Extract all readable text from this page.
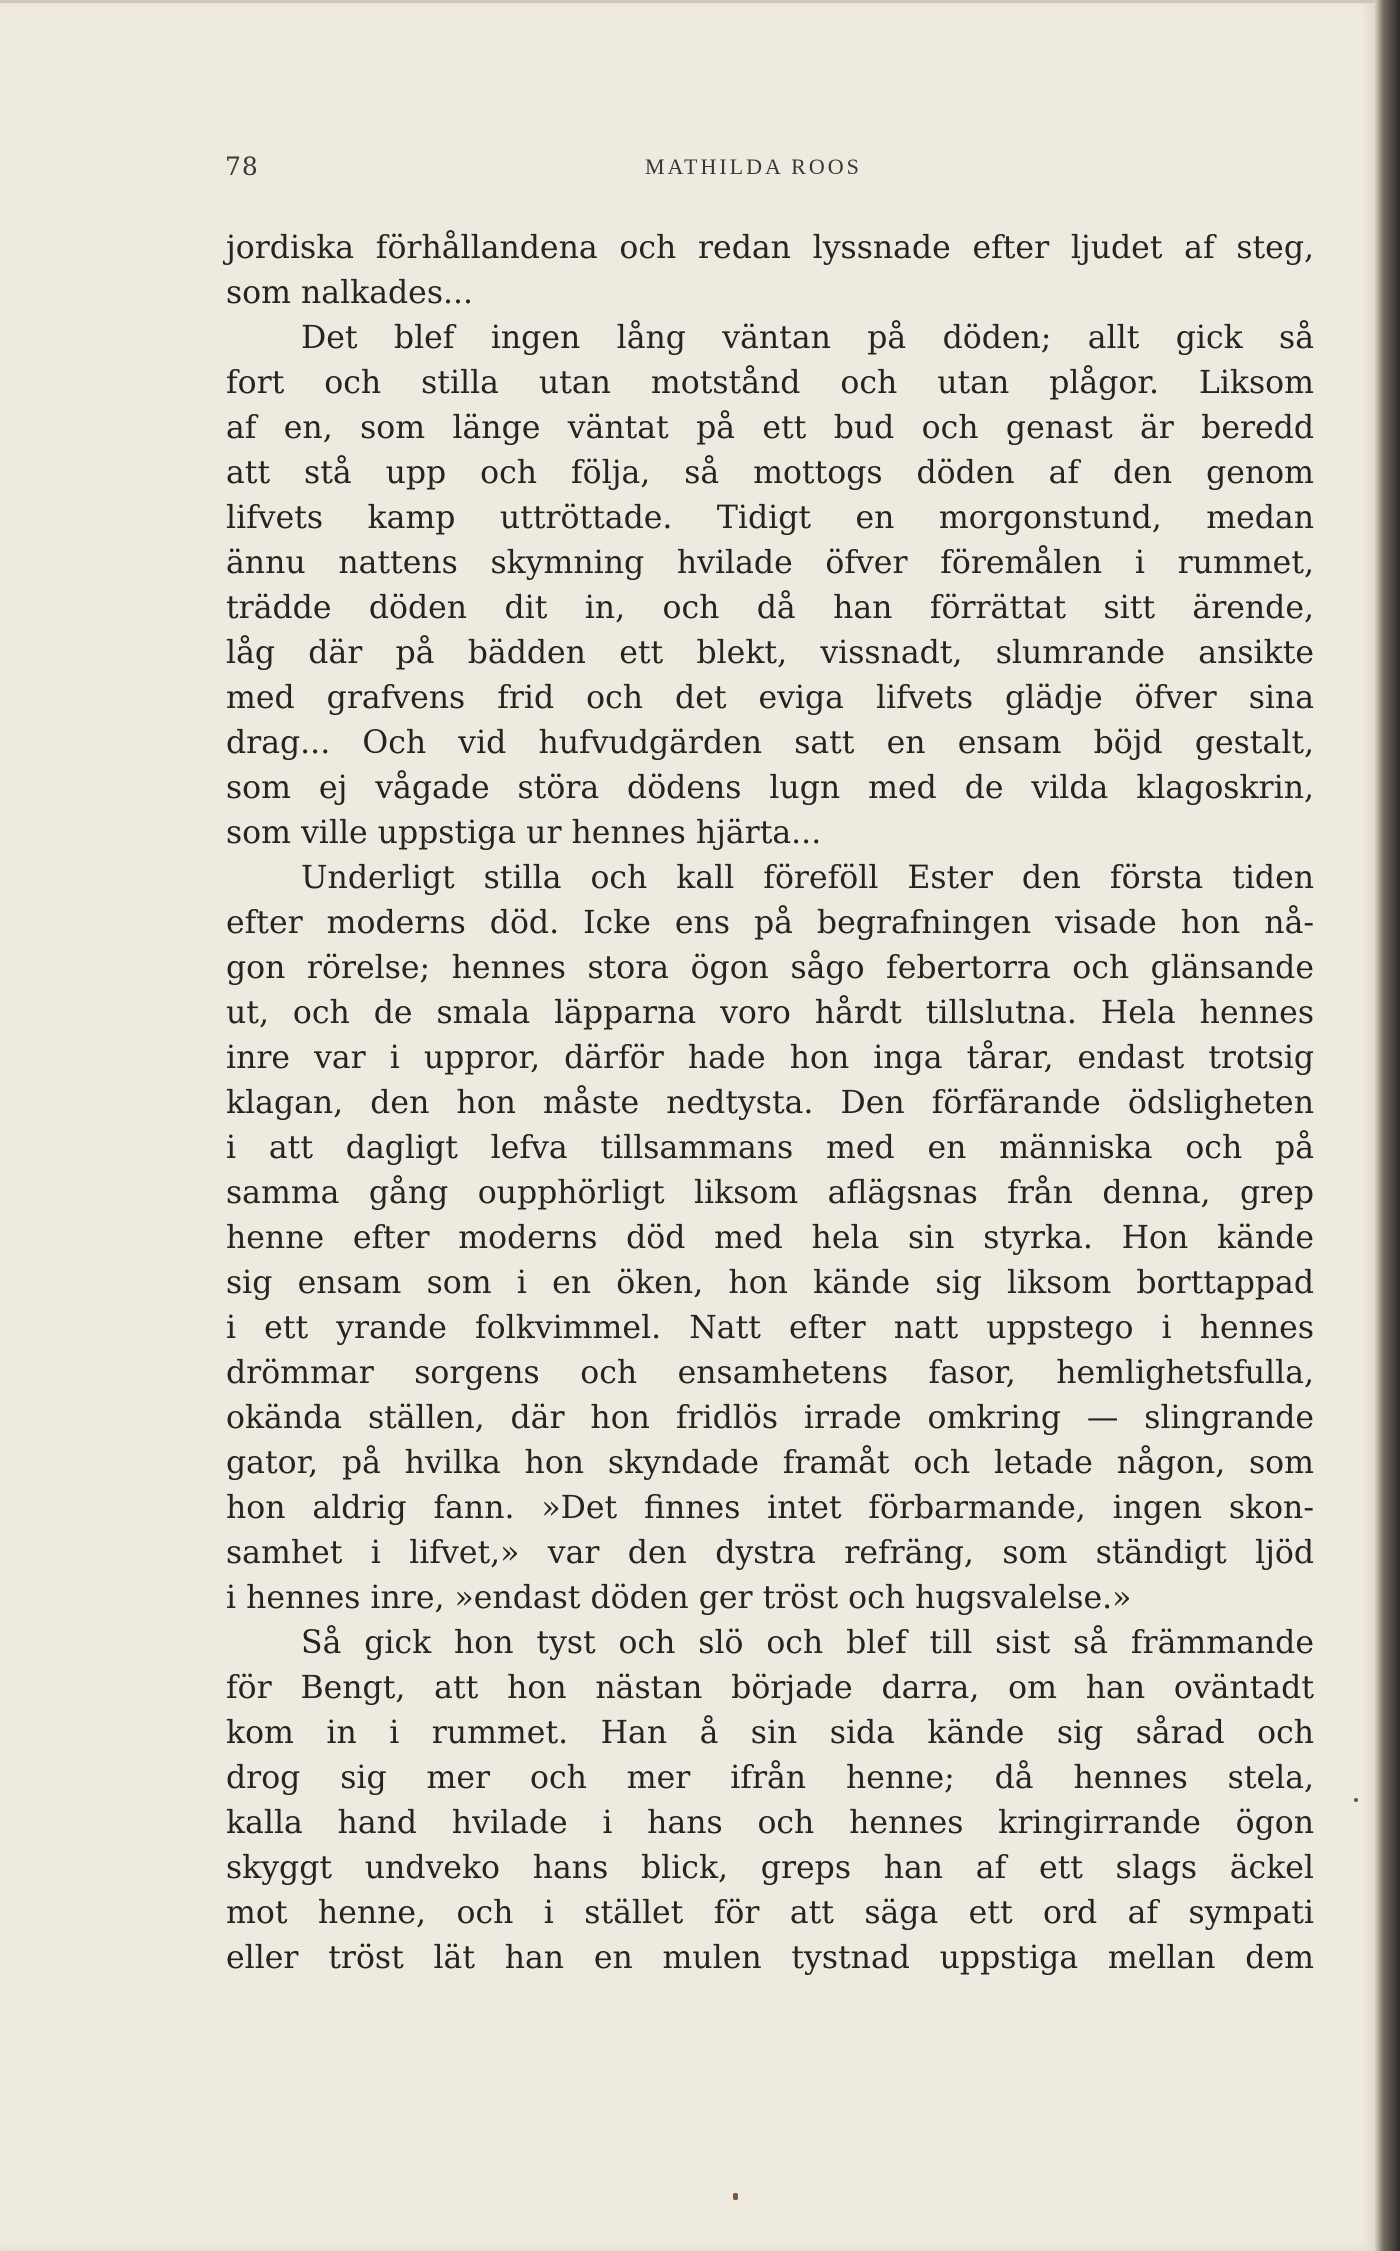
78	MATHILDA ROOS
jordiska förhållandena och redan lyssnade efter ljudet af steg,
som nalkades...
Det blef ingen lång väntan på döden; allt gick så
fort och stilla utan motstånd och utan plågor. Liksom
af en, som länge väntat på ett bud och genast är beredd
att stå upp och följa, så mottogs döden af den genom
lifvets kamp uttröttade. Tidigt en morgonstund, medan
ännu nattens skymning hvilade öfver föremålen i rummet,
trädde döden dit in, och då han förrättat sitt ärende,
låg där på bädden ett blekt, vissnadt, slumrande ansikte
med grafvens frid och det eviga lifvets glädje öfver sina
drag... Och vid hufvudgärden satt en ensam böjd gestalt,
som ej vågade störa dödens lugn med de vilda klagoskrin,
som ville uppstiga ur hennes hjärta...
Underligt stilla och kall föreföll Ester den första tiden
efter moderns död. Icke ens på begrafningen visade hon nå-
gon rörelse; hennes stora ögon sågo febertorra och glänsande
ut, och de smala läpparna voro hårdt tillslutna. Hela hennes
inre var i uppror, därför hade hon inga tårar, endast trotsig
klagan, den hon måste nedtysta. Den förfärande ödsligheten
i att dagligt lefva tillsammans med en människa och på
samma gång oupphörligt liksom aflägsnas från denna, grep
henne efter moderns död med hela sin styrka. Hon kände
sig ensam som i en öken, hon kände sig liksom borttappad
i ett yrande folkvimmel. Natt efter natt uppstego i hennes
drömmar sorgens och ensamhetens fasor, hemlighetsfulla,
okända ställen, där hon fridlös irrade omkring — slingrande
gator, på hvilka hon skyndade framåt och letade någon, som
hon aldrig fann. »Det finnes intet förbarmande, ingen skon-
samhet i lifvet,» var den dystra refräng, som ständigt ljöd
i hennes inre, »endast döden ger tröst och hugsvalelse.»
Så gick hon tyst och slö och blef till sist så främmande
för Bengt, att hon nästan började darra, om han oväntadt
kom in i rummet. Han å sin sida kände sig sårad och
drog sig mer och mer ifrån henne; då hennes stela,
kalla hand hvilade i hans och hennes kringirrande ögon
skyggt undveko hans blick, greps han af ett slags äckel
mot henne, och i stället för att säga ett ord af sympati
eller tröst lät han en mulen tystnad uppstiga mellan dem
